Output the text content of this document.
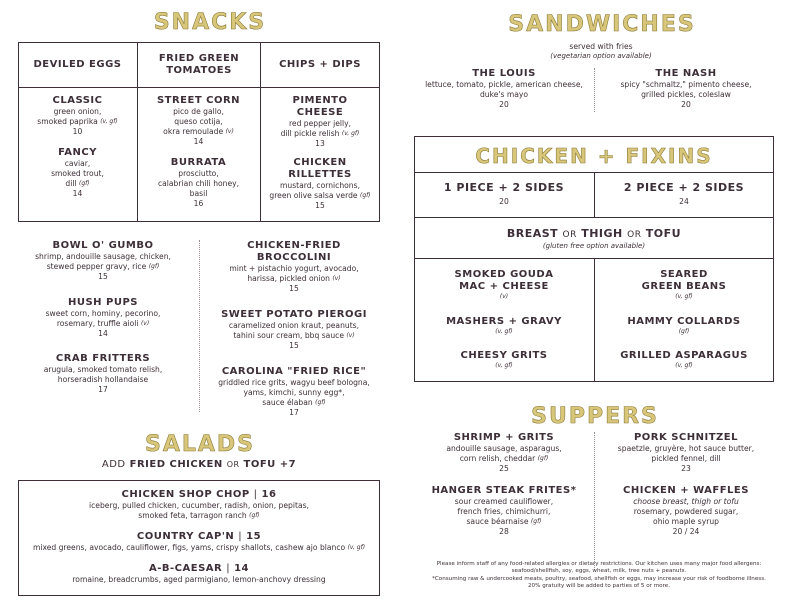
SNACKS
DEVILED EGGS
FRIED GREEN TOMATOES
CHIPS + DIPS
CLASSIC
green onion,
smoked paprika (v, gf)
10
FANCY
caviar,
smoked trout,
dill (gf)
14
STREET CORN
pico de gallo,
queso cotija,
okra remoulade (v)
14
BURRATA
prosciutto,
calabrian chili honey,
basil
16
PIMENTO CHEESE
red pepper jelly,
dill pickle relish (v, gf)
13
CHICKEN RILLETTES
mustard, cornichons,
green olive salsa verde (gf)
15
BOWL O' GUMBO
shrimp, andouille sausage, chicken,
stewed pepper gravy, rice (gf)
15
HUSH PUPS
sweet corn, hominy, pecorino,
rosemary, truffle aioli (v)
14
CRAB FRITTERS
arugula, smoked tomato relish,
horseradish hollandaise
17
CHICKEN-FRIED BROCCOLINI
mint + pistachio yogurt, avocado,
harissa, pickled onion (v)
15
SWEET POTATO PIEROGI
caramelized onion kraut, peanuts,
tahini sour cream, bbq sauce (v)
15
CAROLINA "FRIED RICE"
griddled rice grits, wagyu beef bologna,
yams, kimchi, sunny egg*,
sauce élaban (gf)
17
SALADS
ADD FRIED CHICKEN OR TOFU +7
CHICKEN SHOP CHOP | 16
iceberg, pulled chicken, cucumber, radish, onion, pepitas,
smoked feta, tarragon ranch (gf)
COUNTRY CAP'N | 15
mixed greens, avocado, cauliflower, figs, yams, crispy shallots, cashew ajo blanco (v, gf)
A-B-CAESAR | 14
romaine, breadcrumbs, aged parmigiano, lemon-anchovy dressing
SANDWICHES
served with fries
(vegetarian option available)
THE LOUIS
lettuce, tomato, pickle, american cheese,
duke's mayo
20
THE NASH
spicy "schmaltz," pimento cheese,
grilled pickles, coleslaw
20
CHICKEN + FIXINS
1 PIECE + 2 SIDES
20
2 PIECE + 2 SIDES
24
BREAST OR THIGH OR TOFU
(gluten free option available)
SMOKED GOUDA
MAC + CHEESE
(v)
SEARED
GREEN BEANS
(v, gf)
MASHERS + GRAVY
(v, gf)
HAMMY COLLARDS
(gf)
CHEESY GRITS
(v, gf)
GRILLED ASPARAGUS
(v, gf)
SUPPERS
SHRIMP + GRITS
andouille sausage, asparagus,
corn relish, cheddar (gf)
25
HANGER STEAK FRITES*
sour creamed cauliflower,
french fries, chimichurri,
sauce béarnaise (gf)
28
PORK SCHNITZEL
spaetzle, gruyère, hot sauce butter,
pickled fennel, dill
23
CHICKEN + WAFFLES
choose breast, thigh or tofu
rosemary, powdered sugar,
ohio maple syrup
20 / 24
Please inform staff of any food-related allergies or dietary restrictions. Our kitchen uses many major food allergens:
seafood/shellfish, soy, eggs, wheat, milk, tree nuts + peanuts.
*Consuming raw & undercooked meats, poultry, seafood, shellfish or eggs, may increase your risk of foodborne illness.
20% gratuity will be added to parties of 5 or more.
